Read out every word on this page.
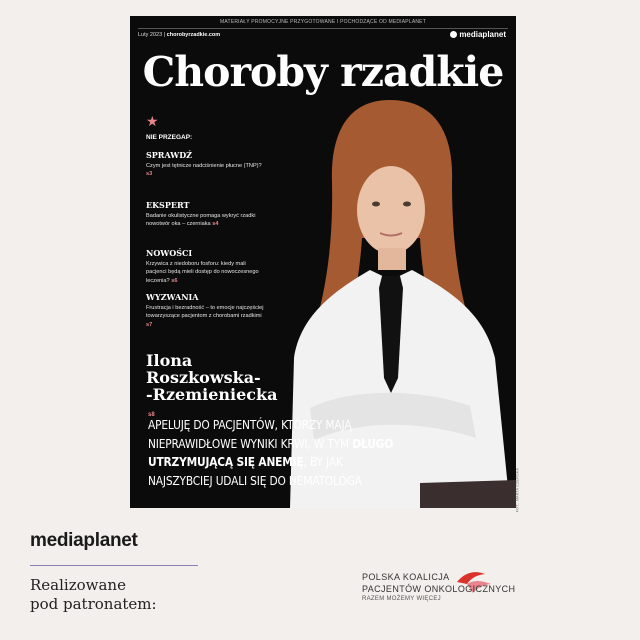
MATERIAŁY PROMOCYJNE PRZYGOTOWANE I POCHODZĄCE OD MEDIAPLANET
Luty 2023 | chorobyrzadkie.com	mediaplanet
Choroby rzadkie
★
NIE PRZEGAP:
SPRAWDŹ

Czym jest tętnicze nadciśnienie płucne (TNP)? s3

EKSPERT

Badanie okulistyczne pomaga wykryć rzadki nowotwór oka – czerniaka s4

NOWOŚCI

Krzywica z niedoboru fosforu: kiedy mali pacjenci będą mieli dostęp do nowoczesnego leczenia? s6

WYZWANIA

Frustracja i bezradność – to emocje najczęściej towarzyszące pacjentom z chorobami rzadkimi s7

Ilona
Roszkowska-
-Rzemieniecka
s8
APELUJĘ DO PACJENTÓW, KTÓRZY MAJĄ NIEPRAWIDŁOWE WYNIKI KRWI, W TYM DŁUGO UTRZYMUJĄCĄ SIĘ ANEMIĘ, BY JAK NAJSZYBCIEJ UDALI SIĘ DO HEMATOLOGA	FOT.: MARTA CZERSKA
mediaplanet
Realizowane
pod patronatem:
POLSKA KOALICJA
PACJENTÓW ONKOLOGICZNYCH
RAZEM MOŻEMY WIĘCEJ
